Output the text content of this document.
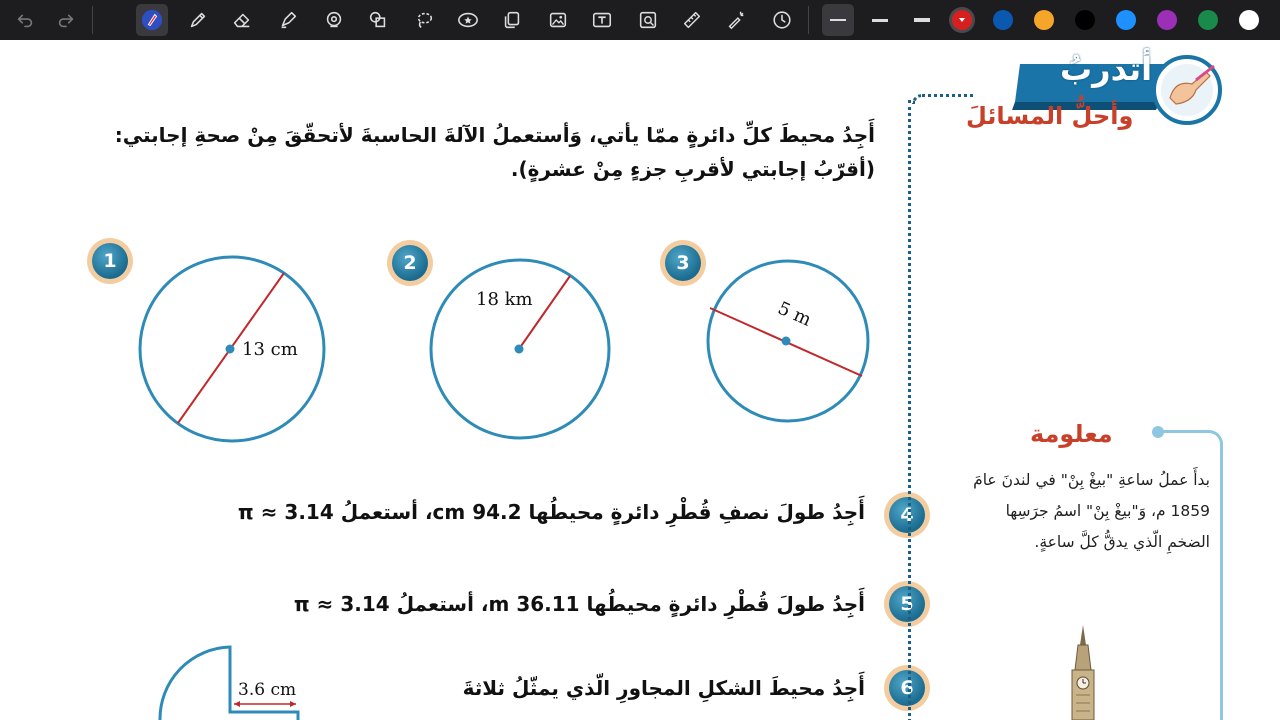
أَجِدُ محيطَ كلِّ دائرةٍ ممّا يأتي، وَأستعملُ الآلةَ الحاسبةَ لأتحقّقَ مِنْ صحةِ إجابتي:
(أقرّبُ إجابتي لأقربِ جزءٍ مِنْ عشرةٍ).
1
13 cm
2
18 km
3
5 m
أَجِدُ طولَ نصفِ قُطْرِ دائرةٍ محيطُها 94.2 cm، أستعملُ 3.14 ≈ π	4
أَجِدُ طولَ قُطْرِ دائرةٍ محيطُها 36.11 m، أستعملُ 3.14 ≈ π	5
أَجِدُ محيطَ الشكلِ المجاورِ الّذي يمثّلُ ثلاثةَ	6
3.6 cm
أتدربُ
وأحلُّ المسائلَ
معلومة
بدأَ عملُ ساعةِ "بيغْ بِنْ" في لندنَ عامَ 1859 م، وَ"بيغْ بِنْ" اسمُ جرَسِها الضخمِ الّذي يدقُّ كلَّ ساعةٍ.
